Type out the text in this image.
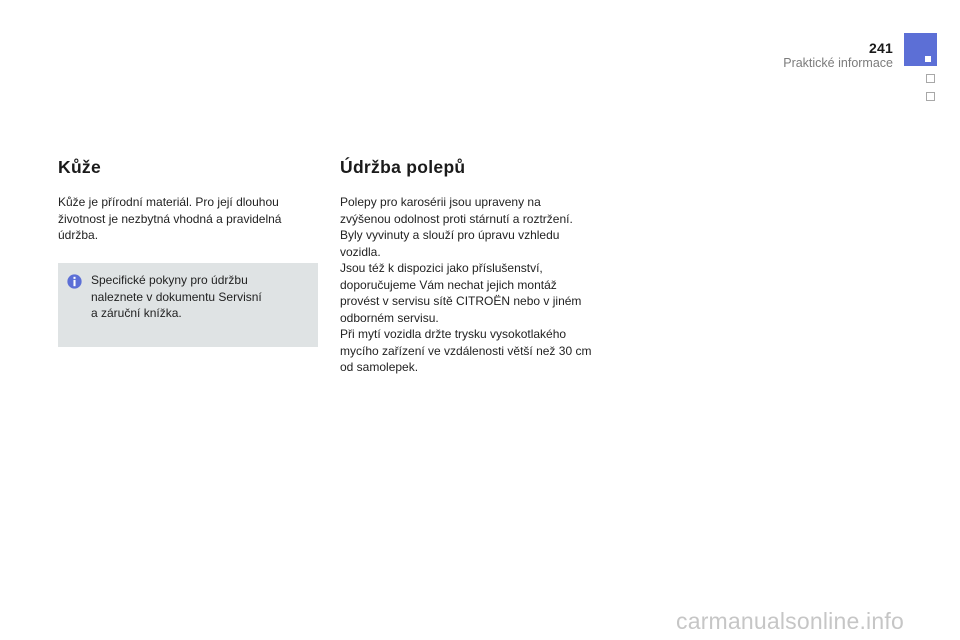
241
Praktické informace
Kůže

Kůže je přírodní materiál. Pro její dlouhou
životnost je nezbytná vhodná a pravidelná
údržba.

Specifické pokyny pro údržbu
naleznete v dokumentu Servisní
a záruční knížka.

Údržba polepů

Polepy pro karosérii jsou upraveny na
zvýšenou odolnost proti stárnutí a roztržení.
Byly vyvinuty a slouží pro úpravu vzhledu
vozidla.
Jsou též k dispozici jako příslušenství,
doporučujeme Vám nechat jejich montáž
provést v servisu sítě CITROËN nebo v jiném
odborném servisu.
Při mytí vozidla držte trysku vysokotlakého
mycího zařízení ve vzdálenosti větší než 30 cm
od samolepek.

carmanualsonline.info
